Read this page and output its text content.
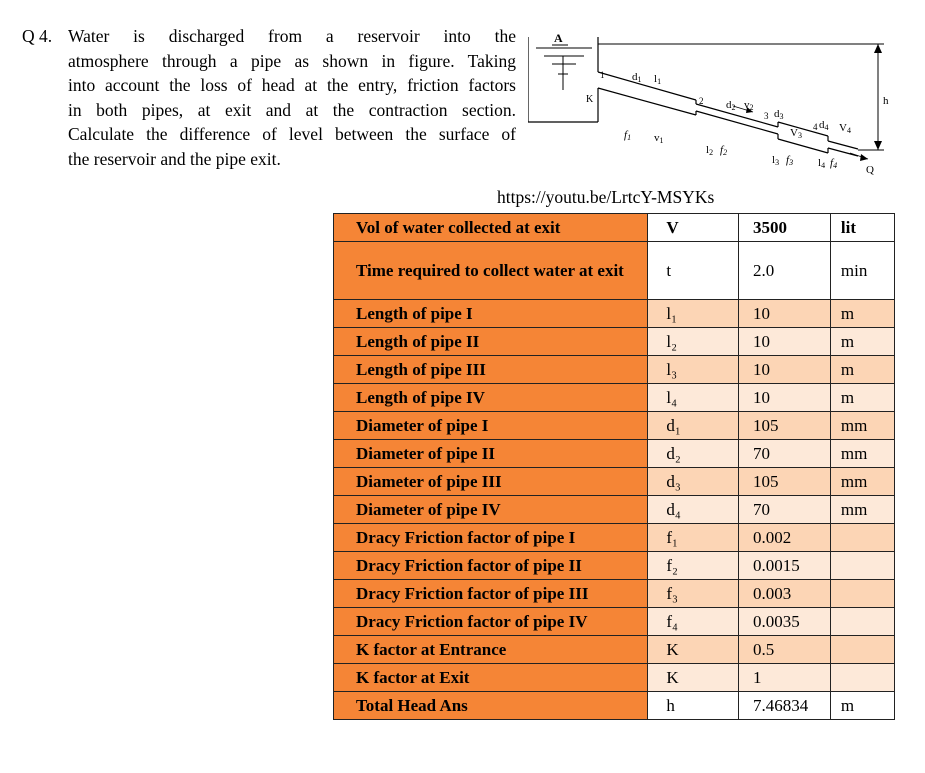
Q 4. Water is discharged from a reservoir into the
atmosphere through a pipe as shown in figure. Taking
into account the loss of head at the entry, friction factors
in both pipes, at exit and at the contraction section.
Calculate the difference of level between the surface of
the reservoir and the pipe exit.
A
K	h
1
2
3
4
d1 l1
f1 v1
d2 v2
l2 f2
d3
V3
l3 f3
d4 V4
l4 f4	Q
https://youtu.be/LrtcY-MSYKs
Vol of water collected at exit	V	3500	lit
Time required to collect water at exit	t	2.0	min
Length of pipe I	l₁	10	m
Length of pipe II	l₂	10	m
Length of pipe III	l₃	10	m
Length of pipe IV	l₄	10	m
Diameter of pipe I	d₁	105	mm
Diameter of pipe II	d₂	70	mm
Diameter of pipe III	d₃	105	mm
Diameter of pipe IV	d₄	70	mm
Dracy Friction factor of pipe I	f₁	0.002	
Dracy Friction factor of pipe II	f₂	0.0015	
Dracy Friction factor of pipe III	f₃	0.003	
Dracy Friction factor of pipe IV	f₄	0.0035	
K factor at Entrance	K	0.5	
K factor at Exit	K	1	
Total Head Ans	h	7.46834	m
